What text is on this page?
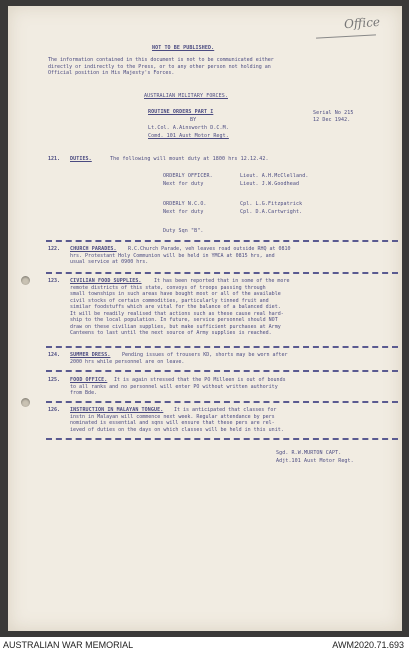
Office
NOT TO BE PUBLISHED.
The information contained in this document is not to be communicated either
directly or indirectly to the Press, or to any other person not holding an
Official position in His Majesty's Forces.
AUSTRALIAN MILITARY FORCES.
ROUTINE ORDERS PART I
BY
Lt.Col. A.Ainsworth D.C.M.
Comd. 101 Aust Motor Regt.
Serial No 215
12 Dec 1942.
121. DUTIES.	The following will mount duty at 1800 hrs 12.12.42.
ORDERLY OFFICER.	Lieut. A.H.McClelland.
Next for duty	Lieut. J.W.Goodhead
ORDERLY N.C.O.	Cpl. L.G.Fitzpatrick
Next for duty	Cpl. D.A.Cartwright.
Duty Sqn "B".
122. CHURCH PARADES.	R.C.Church Parade, veh leaves road outside RHQ at 0810
hrs. Protestant Holy Communion will be held in YMCA at 0815 hrs, and
usual service at 0900 hrs.
123. CIVILIAN FOOD SUPPLIES.	It has been reported that in some of the more
remote districts of this state, convoys of troops passing through
small townships in such areas have bought most or all of the available
civil stocks of certain commodities, particularly tinned fruit and
similar foodstuffs which are vital for the balance of a balanced diet.
It will be readily realised that actions such as these cause real hard-
ship to the local population. In future, service personnel should NOT
draw on these civilian supplies, but make sufficient purchases at Army
Canteens to last until the next source of Army supplies is reached.
124. SUMMER DRESS.	Pending issues of trousers KD, shorts may be worn after
2000 hrs while personnel are on leave.
125. FOOD OFFICE.	It is again stressed that the PO Milleen is out of bounds
to all ranks and no personnel will enter PO without written authority
from Bde.
126. INSTRUCTION IN MALAYAN TONGUE.	It is anticipated that classes for
instn in Malayan will commence next week. Regular attendance by pers
nominated is essential and sqns will ensure that these pers are rel-
ieved of duties on the days on which classes will be held in this unit.
Sgd. R.W.MURTON CAPT.
Adjt.101 Aust Motor Regt.
AUSTRALIAN WAR MEMORIAL	AWM2020.71.693
